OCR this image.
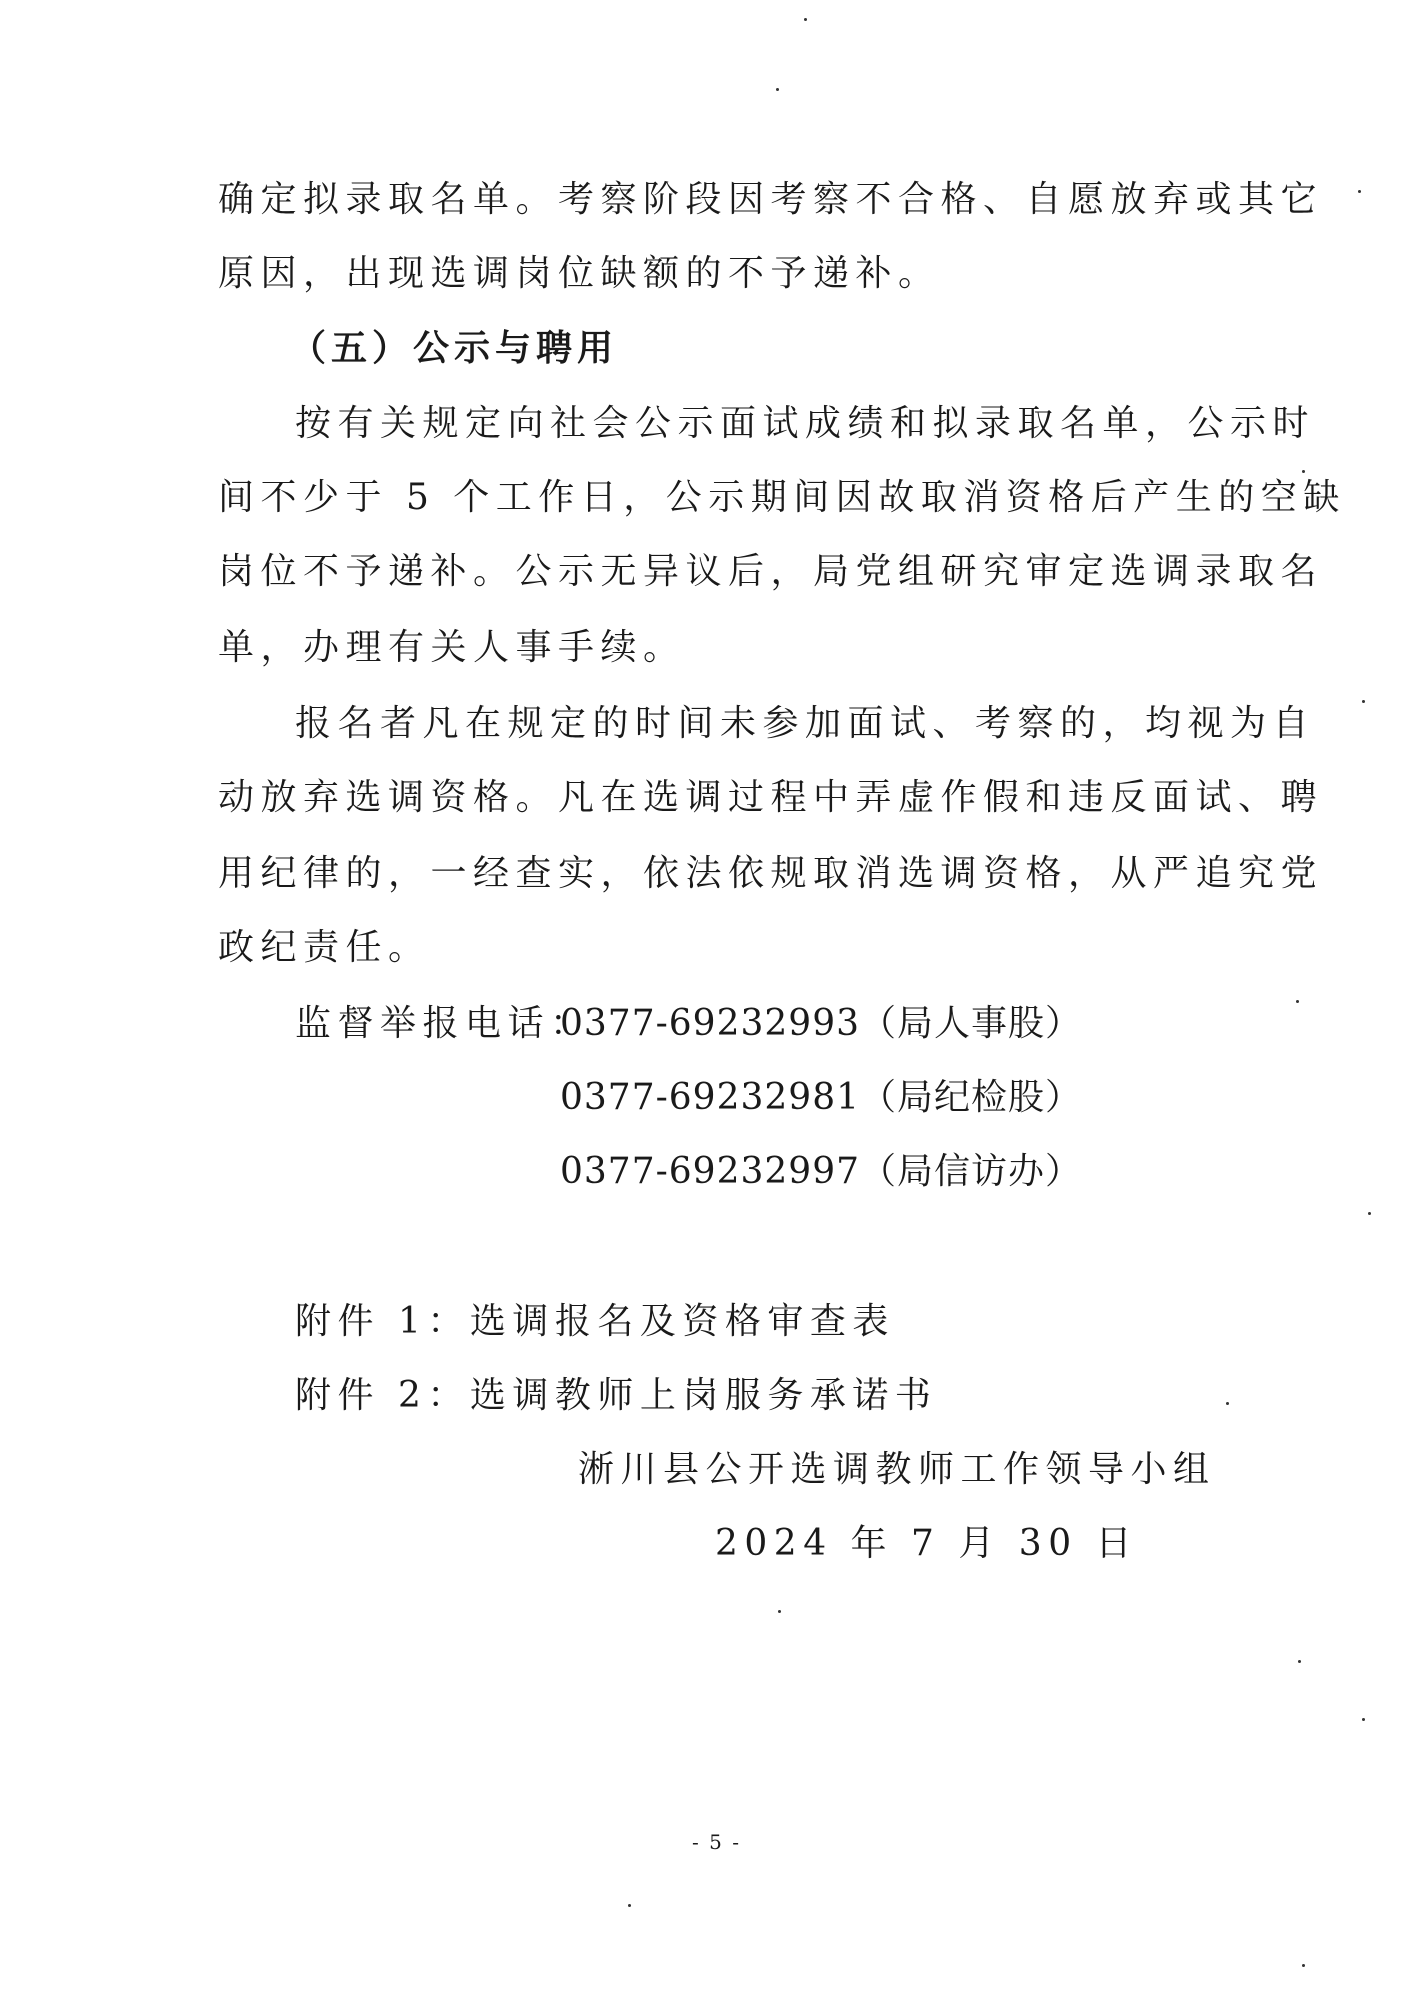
确定拟录取名单。考察阶段因考察不合格、自愿放弃或其它
原因，出现选调岗位缺额的不予递补。
（五）公示与聘用
按有关规定向社会公示面试成绩和拟录取名单，公示时
间不少于 5 个工作日，公示期间因故取消资格后产生的空缺
岗位不予递补。公示无异议后，局党组研究审定选调录取名
单，办理有关人事手续。
报名者凡在规定的时间未参加面试、考察的，均视为自
动放弃选调资格。凡在选调过程中弄虚作假和违反面试、聘
用纪律的，一经查实，依法依规取消选调资格，从严追究党
政纪责任。
监督举报电话：
0377-69232993（局人事股）
0377-69232981（局纪检股）
0377-69232997（局信访办）
附件 1：选调报名及资格审查表
附件 2：选调教师上岗服务承诺书
淅川县公开选调教师工作领导小组
2024 年 7 月 30 日
- 5 -
